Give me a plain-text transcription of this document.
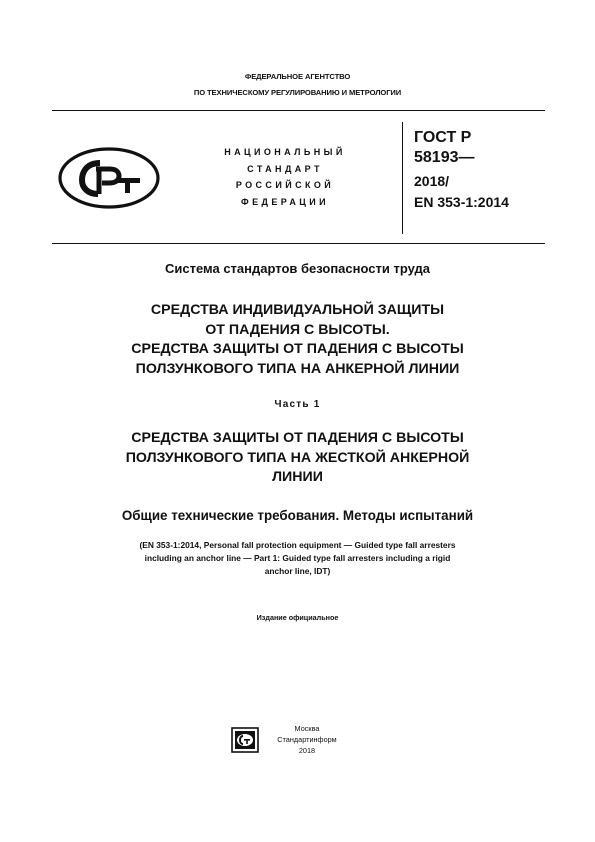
ФЕДЕРАЛЬНОЕ АГЕНТСТВО
ПО ТЕХНИЧЕСКОМУ РЕГУЛИРОВАНИЮ И МЕТРОЛОГИИ
НАЦИОНАЛЬНЫЙ
СТАНДАРТ
РОССИЙСКОЙ
ФЕДЕРАЦИИ
ГОСТ Р
58193—
2018/
EN 353-1:2014
Система стандартов безопасности труда
СРЕДСТВА ИНДИВИДУАЛЬНОЙ ЗАЩИТЫ
ОТ ПАДЕНИЯ С ВЫСОТЫ.
СРЕДСТВА ЗАЩИТЫ ОТ ПАДЕНИЯ С ВЫСОТЫ
ПОЛЗУНКОВОГО ТИПА НА АНКЕРНОЙ ЛИНИИ
Часть 1
СРЕДСТВА ЗАЩИТЫ ОТ ПАДЕНИЯ С ВЫСОТЫ
ПОЛЗУНКОВОГО ТИПА НА ЖЕСТКОЙ АНКЕРНОЙ
ЛИНИИ
Общие технические требования. Методы испытаний
(EN 353-1:2014, Personal fall protection equipment — Guided type fall arresters
including an anchor line — Part 1: Guided type fall arresters including a rigid
anchor line, IDT)
Издание официальное
Москва
Стандартинформ
2018
